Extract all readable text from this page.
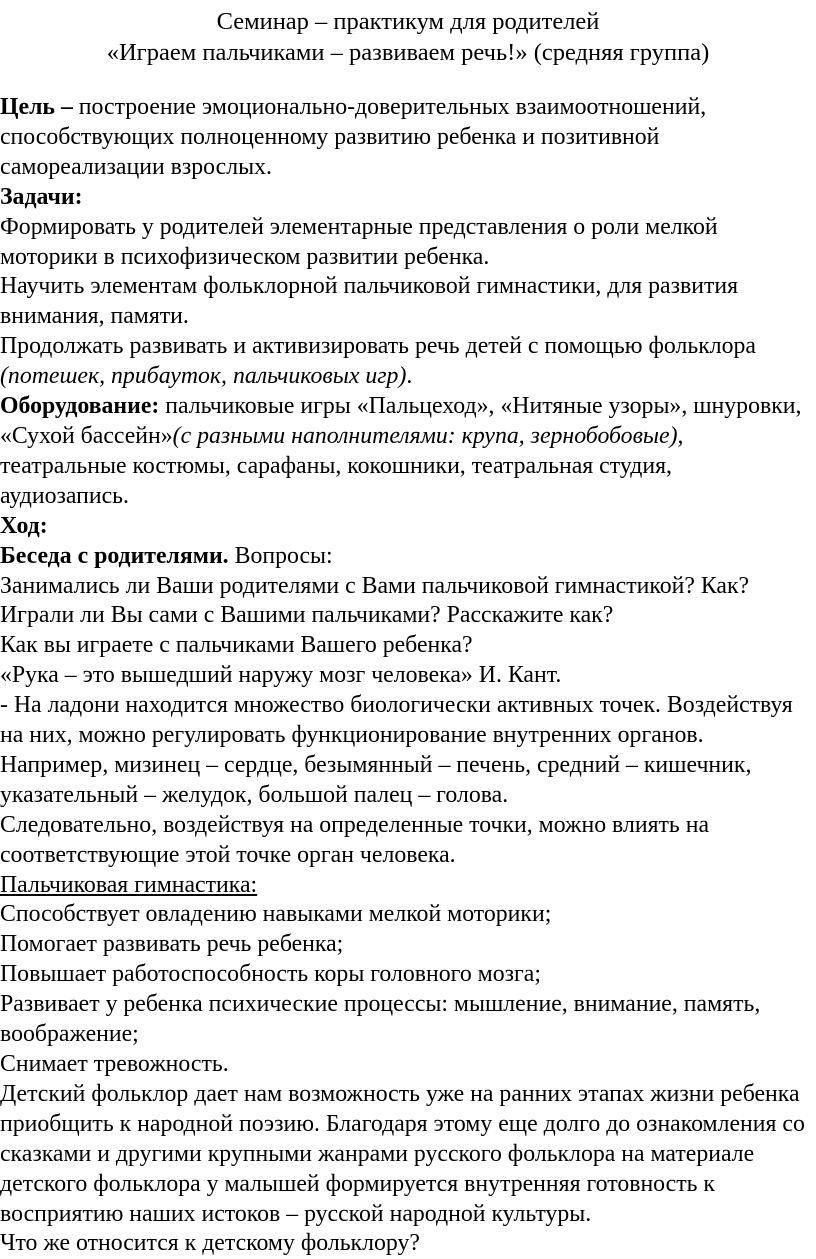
Семинар – практикум для родителей
«Играем пальчиками – развиваем речь!» (средняя группа)

Цель – построение эмоционально-доверительных взаимоотношений, способствующих полноценному развитию ребенка и позитивной самореализации взрослых.

Задачи:

Формировать у родителей элементарные представления о роли мелкой моторики в психофизическом развитии ребенка.

Научить элементам фольклорной пальчиковой гимнастики, для развития внимания, памяти.

Продолжать развивать и активизировать речь детей с помощью фольклора (потешек, прибауток, пальчиковых игр).

Оборудование: пальчиковые игры «Пальцеход», «Нитяные узоры», шнуровки, «Сухой бассейн»(с разными наполнителями: крупа, зернобобовые), театральные костюмы, сарафаны, кокошники, театральная студия, аудиозапись.

Ход:

Беседа с родителями. Вопросы:

Занимались ли Ваши родителями с Вами пальчиковой гимнастикой? Как?

Играли ли Вы сами с Вашими пальчиками? Расскажите как?

Как вы играете с пальчиками Вашего ребенка?

«Рука – это вышедший наружу мозг человека» И. Кант.

- На ладони находится множество биологически активных точек. Воздействуя на них, можно регулировать функционирование внутренних органов. Например, мизинец – сердце, безымянный – печень, средний – кишечник, указательный – желудок, большой палец – голова.

Следовательно, воздействуя на определенные точки, можно влиять на соответствующие этой точке орган человека.

Пальчиковая гимнастика:

Способствует овладению навыками мелкой моторики;

Помогает развивать речь ребенка;

Повышает работоспособность коры головного мозга;

Развивает у ребенка психические процессы: мышление, внимание, память, воображение;

Снимает тревожность.

Детский фольклор дает нам возможность уже на ранних этапах жизни ребенка приобщить к народной поэзию. Благодаря этому еще долго до ознакомления со сказками и другими крупными жанрами русского фольклора на материале детского фольклора у малышей формируется внутренняя готовность к восприятию наших истоков – русской народной культуры.

Что же относится к детскому фольклору?
